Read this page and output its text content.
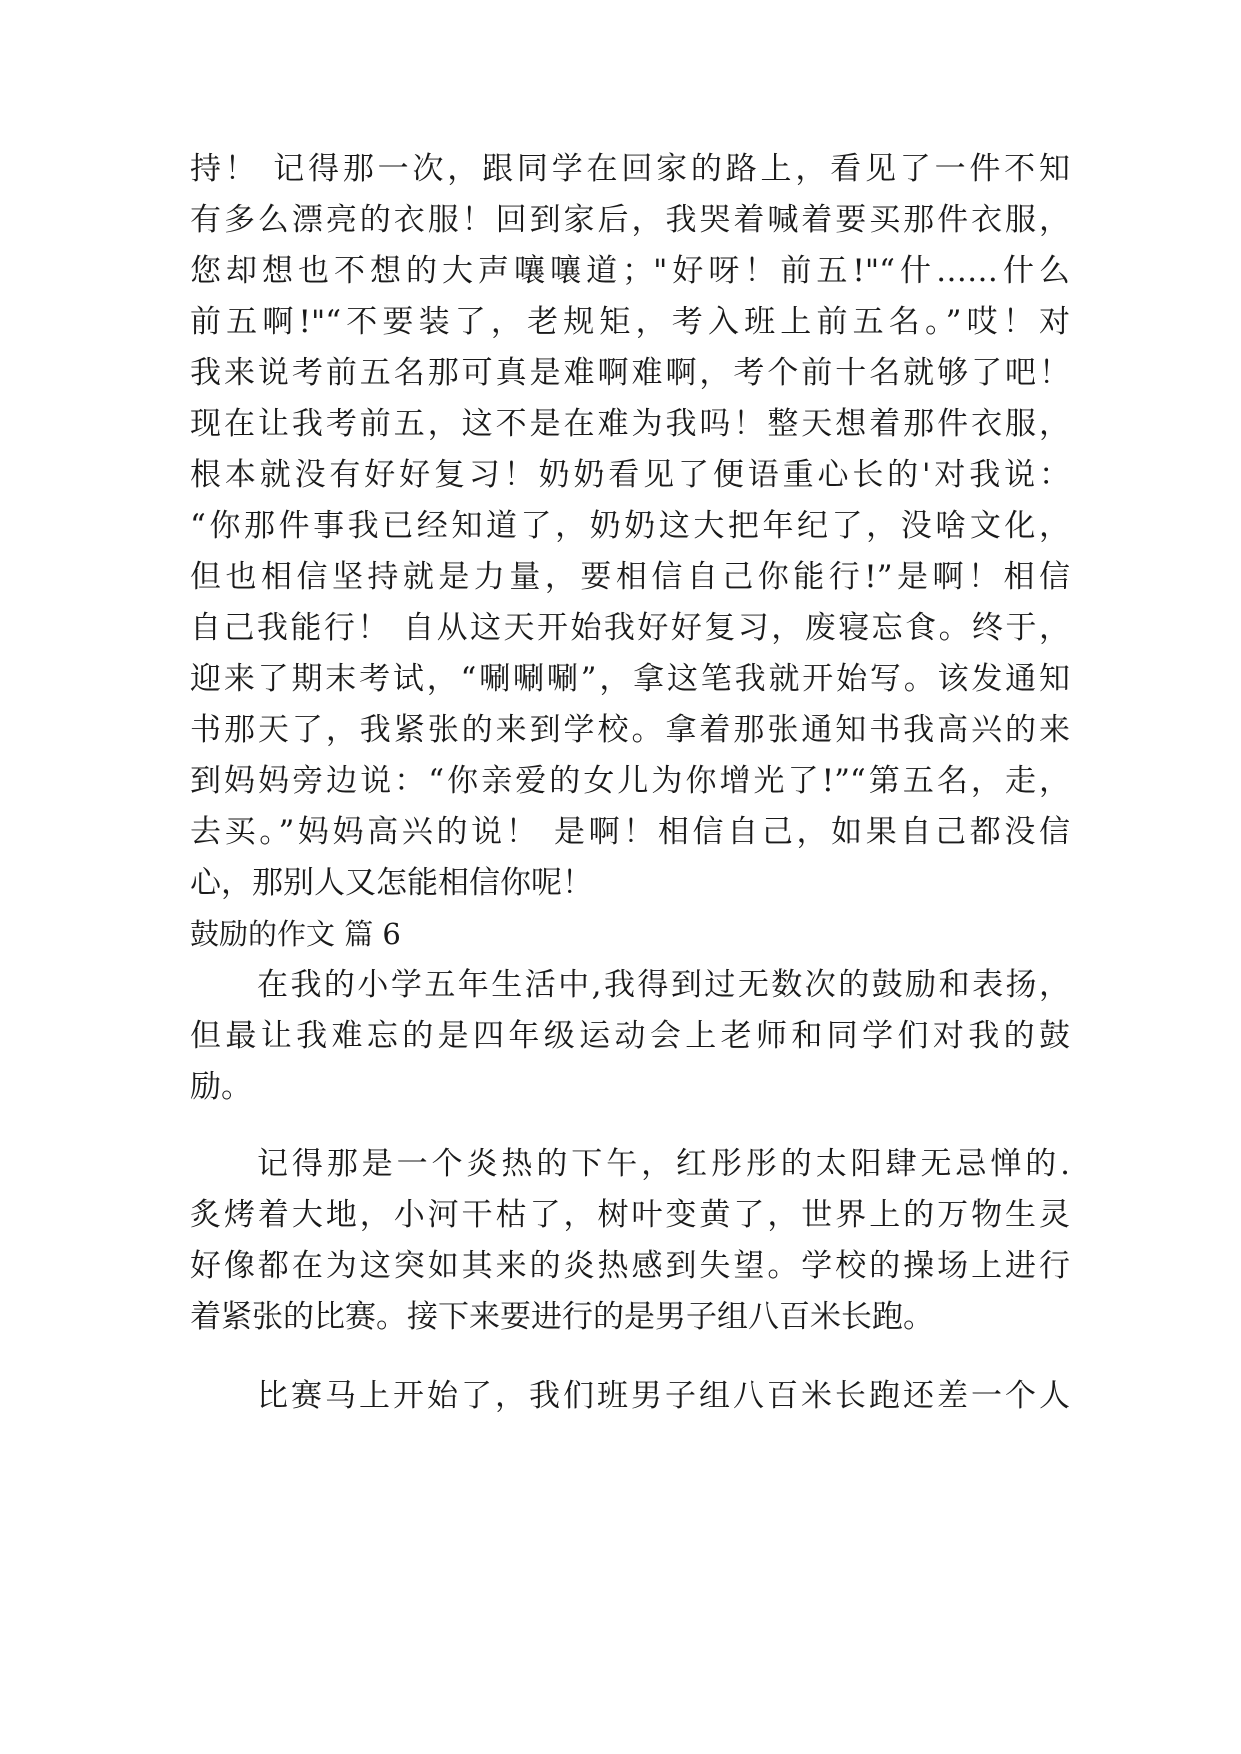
持！ 记得那一次，跟同学在回家的路上，看见了一件不知
有多么漂亮的衣服！回到家后，我哭着喊着要买那件衣服，
您却想也不想的大声嚷嚷道；"好呀！前五!"“什……什么
前五啊!"“不要装了，老规矩，考入班上前五名。”哎！对
我来说考前五名那可真是难啊难啊，考个前十名就够了吧！
现在让我考前五，这不是在难为我吗！整天想着那件衣服，
根本就没有好好复习！奶奶看见了便语重心长的'对我说：
“你那件事我已经知道了，奶奶这大把年纪了，没啥文化，
但也相信坚持就是力量，要相信自己你能行!”是啊！相信
自己我能行！ 自从这天开始我好好复习，废寝忘食。终于，
迎来了期末考试，“唰唰唰”，拿这笔我就开始写。该发通知
书那天了，我紧张的来到学校。拿着那张通知书我高兴的来
到妈妈旁边说：“你亲爱的女儿为你增光了!”“第五名，走，
去买。”妈妈高兴的说！ 是啊！相信自己，如果自己都没信
心，那别人又怎能相信你呢！
鼓励的作文 篇 6
在我的小学五年生活中,我得到过无数次的鼓励和表扬，
但最让我难忘的是四年级运动会上老师和同学们对我的鼓
励。
记得那是一个炎热的下午，红彤彤的太阳肆无忌惮的.
炙烤着大地，小河干枯了，树叶变黄了，世界上的万物生灵
好像都在为这突如其来的炎热感到失望。学校的操场上进行
着紧张的比赛。接下来要进行的是男子组八百米长跑。
比赛马上开始了，我们班男子组八百米长跑还差一个人
